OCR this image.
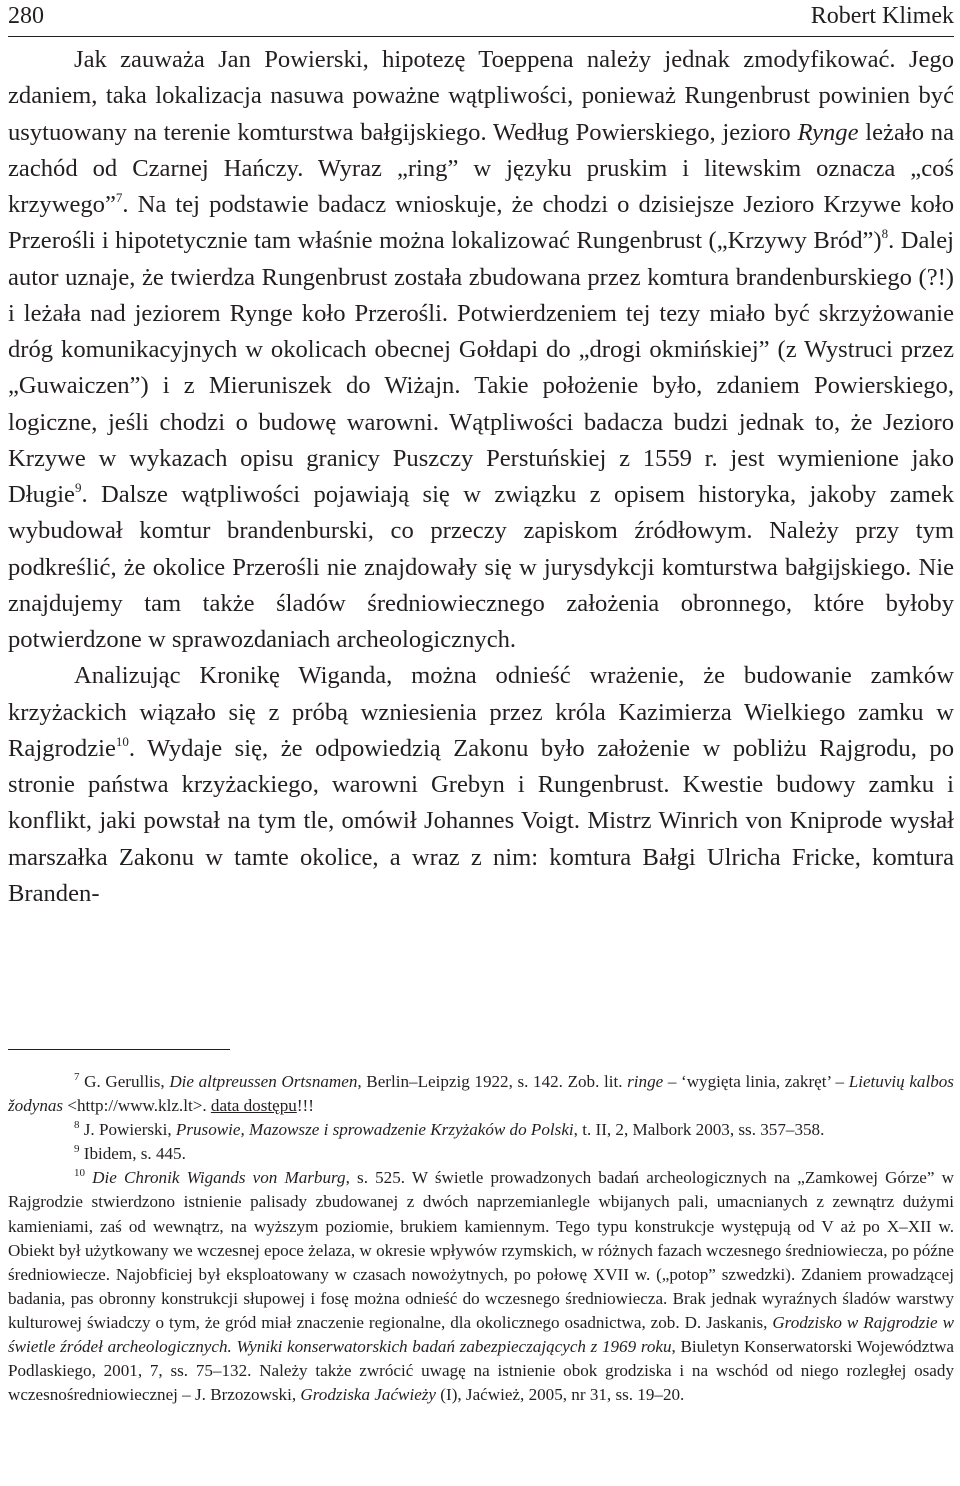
280	Robert Klimek

Jak zauważa Jan Powierski, hipotezę Toeppena należy jednak zmodyfikować. Jego zdaniem, taka lokalizacja nasuwa poważne wątpliwości, ponieważ Rungenbrust powinien być usytuowany na terenie komturstwa bałgijskiego. Według Powierskiego, jezioro Rynge leżało na zachód od Czarnej Hańczy. Wyraz „ring” w języku pruskim i litewskim oznacza „coś krzywego”$^7$. Na tej podstawie badacz wnioskuje, że chodzi o dzisiejsze Jezioro Krzywe koło Przerośli i hipotetycznie tam właśnie można lokalizować Rungenbrust („Krzywy Bród”)$^8$. Dalej autor uznaje, że twierdza Rungenbrust została zbudowana przez komtura brandenburskiego (?!) i leżała nad jeziorem Rynge koło Przerośli. Potwierdzeniem tej tezy miało być skrzyżowanie dróg komunikacyjnych w okolicach obecnej Gołdapi do „drogi okmińskiej” (z Wystruci przez „Guwaiczen”) i z Mieruniszek do Wiżajn. Takie położenie było, zdaniem Powierskiego, logiczne, jeśli chodzi o budowę warowni. Wątpliwości badacza budzi jednak to, że Jezioro Krzywe w wykazach opisu granicy Puszczy Perstuńskiej z 1559 r. jest wymienione jako Długie$^9$. Dalsze wątpliwości pojawiają się w związku z opisem historyka, jakoby zamek wybudował komtur brandenburski, co przeczy zapiskom źródłowym. Należy przy tym podkreślić, że okolice Przerośli nie znajdowały się w jurysdykcji komturstwa bałgijskiego. Nie znajdujemy tam także śladów średniowiecznego założenia obronnego, które byłoby potwierdzone w sprawozdaniach archeologicznych.

Analizując Kronikę Wiganda, można odnieść wrażenie, że budowanie zamków krzyżackich wiązało się z próbą wzniesienia przez króla Kazimierza Wielkiego zamku w Rajgrodzie$^{10}$. Wydaje się, że odpowiedzią Zakonu było założenie w pobliżu Rajgrodu, po stronie państwa krzyżackiego, warowni Grebyn i Rungenbrust. Kwestie budowy zamku i konflikt, jaki powstał na tym tle, omówił Johannes Voigt. Mistrz Winrich von Kniprode wysłał marszałka Zakonu w tamte okolice, a wraz z nim: komtura Bałgi Ulricha Fricke, komtura Branden-

$^7$ G. Gerullis, Die altpreussen Ortsnamen, Berlin–Leipzig 1922, s. 142. Zob. lit. ringe – ‘wygięta linia, zakręt’ – Lietuvių kalbos žodynas <http://www.klz.lt>. data dostępu!!!

$^8$ J. Powierski, Prusowie, Mazowsze i sprowadzenie Krzyżaków do Polski, t. II, 2, Malbork 2003, ss. 357–358.

$^9$ Ibidem, s. 445.

$^{10}$ Die Chronik Wigands von Marburg, s. 525. W świetle prowadzonych badań archeologicznych na „Zamkowej Górze” w Rajgrodzie stwierdzono istnienie palisady zbudowanej z dwóch naprzemianlegle wbijanych pali, umacnianych z zewnątrz dużymi kamieniami, zaś od wewnątrz, na wyższym poziomie, brukiem kamiennym. Tego typu konstrukcje występują od V aż po X–XII w. Obiekt był użytkowany we wczesnej epoce żelaza, w okresie wpływów rzymskich, w różnych fazach wczesnego średniowiecza, po późne średniowiecze. Najobficiej był eksploatowany w czasach nowożytnych, po połowę XVII w. („potop” szwedzki). Zdaniem prowadzącej badania, pas obronny konstrukcji słupowej i fosę można odnieść do wczesnego średniowiecza. Brak jednak wyraźnych śladów warstwy kulturowej świadczy o tym, że gród miał znaczenie regionalne, dla okolicznego osadnictwa, zob. D. Jaskanis, Grodzisko w Rajgrodzie w świetle źródeł archeologicznych. Wyniki konserwatorskich badań zabezpieczających z 1969 roku, Biuletyn Konserwatorski Województwa Podlaskiego, 2001, 7, ss. 75–132. Należy także zwrócić uwagę na istnienie obok grodziska i na wschód od niego rozległej osady wczesnośredniowiecznej – J. Brzozowski, Grodziska Jaćwieży (I), Jaćwież, 2005, nr 31, ss. 19–20.
